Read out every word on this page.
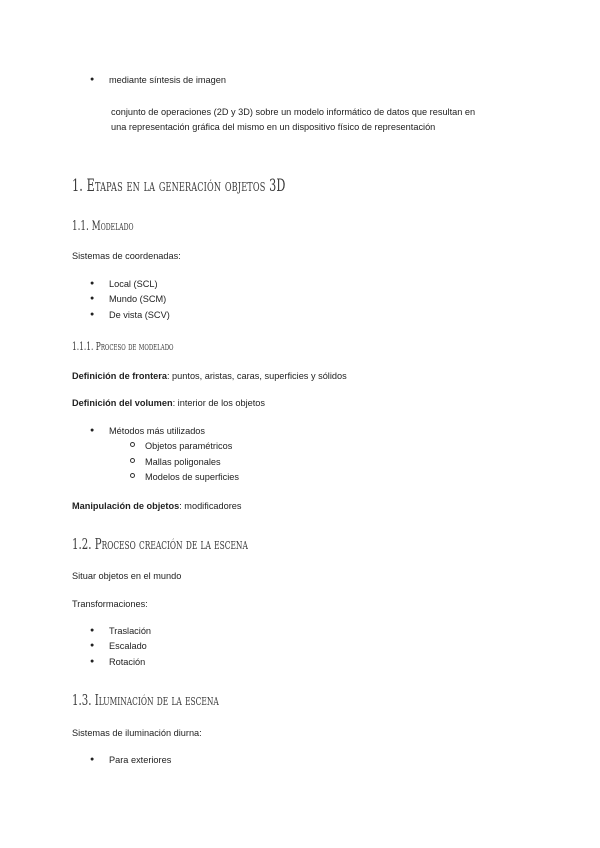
● mediante síntesis de imagen
conjunto de operaciones (2D y 3D) sobre un modelo informático de datos que resultan en
una representación gráfica del mismo en un dispositivo físico de representación
1. Etapas en la generación objetos 3D
1.1. Modelado
Sistemas de coordenadas:
● Local (SCL)
● Mundo (SCM)
● De vista (SCV)
1.1.1. Proceso de modelado
Definición de frontera: puntos, aristas, caras, superficies y sólidos
Definición del volumen: interior de los objetos
● Métodos más utilizados
Objetos paramétricos
Mallas poligonales
Modelos de superficies
Manipulación de objetos: modificadores
1.2. Proceso creación de la escena
Situar objetos en el mundo
Transformaciones:
● Traslación
● Escalado
● Rotación
1.3. Iluminación de la escena
Sistemas de iluminación diurna:
● Para exteriores
